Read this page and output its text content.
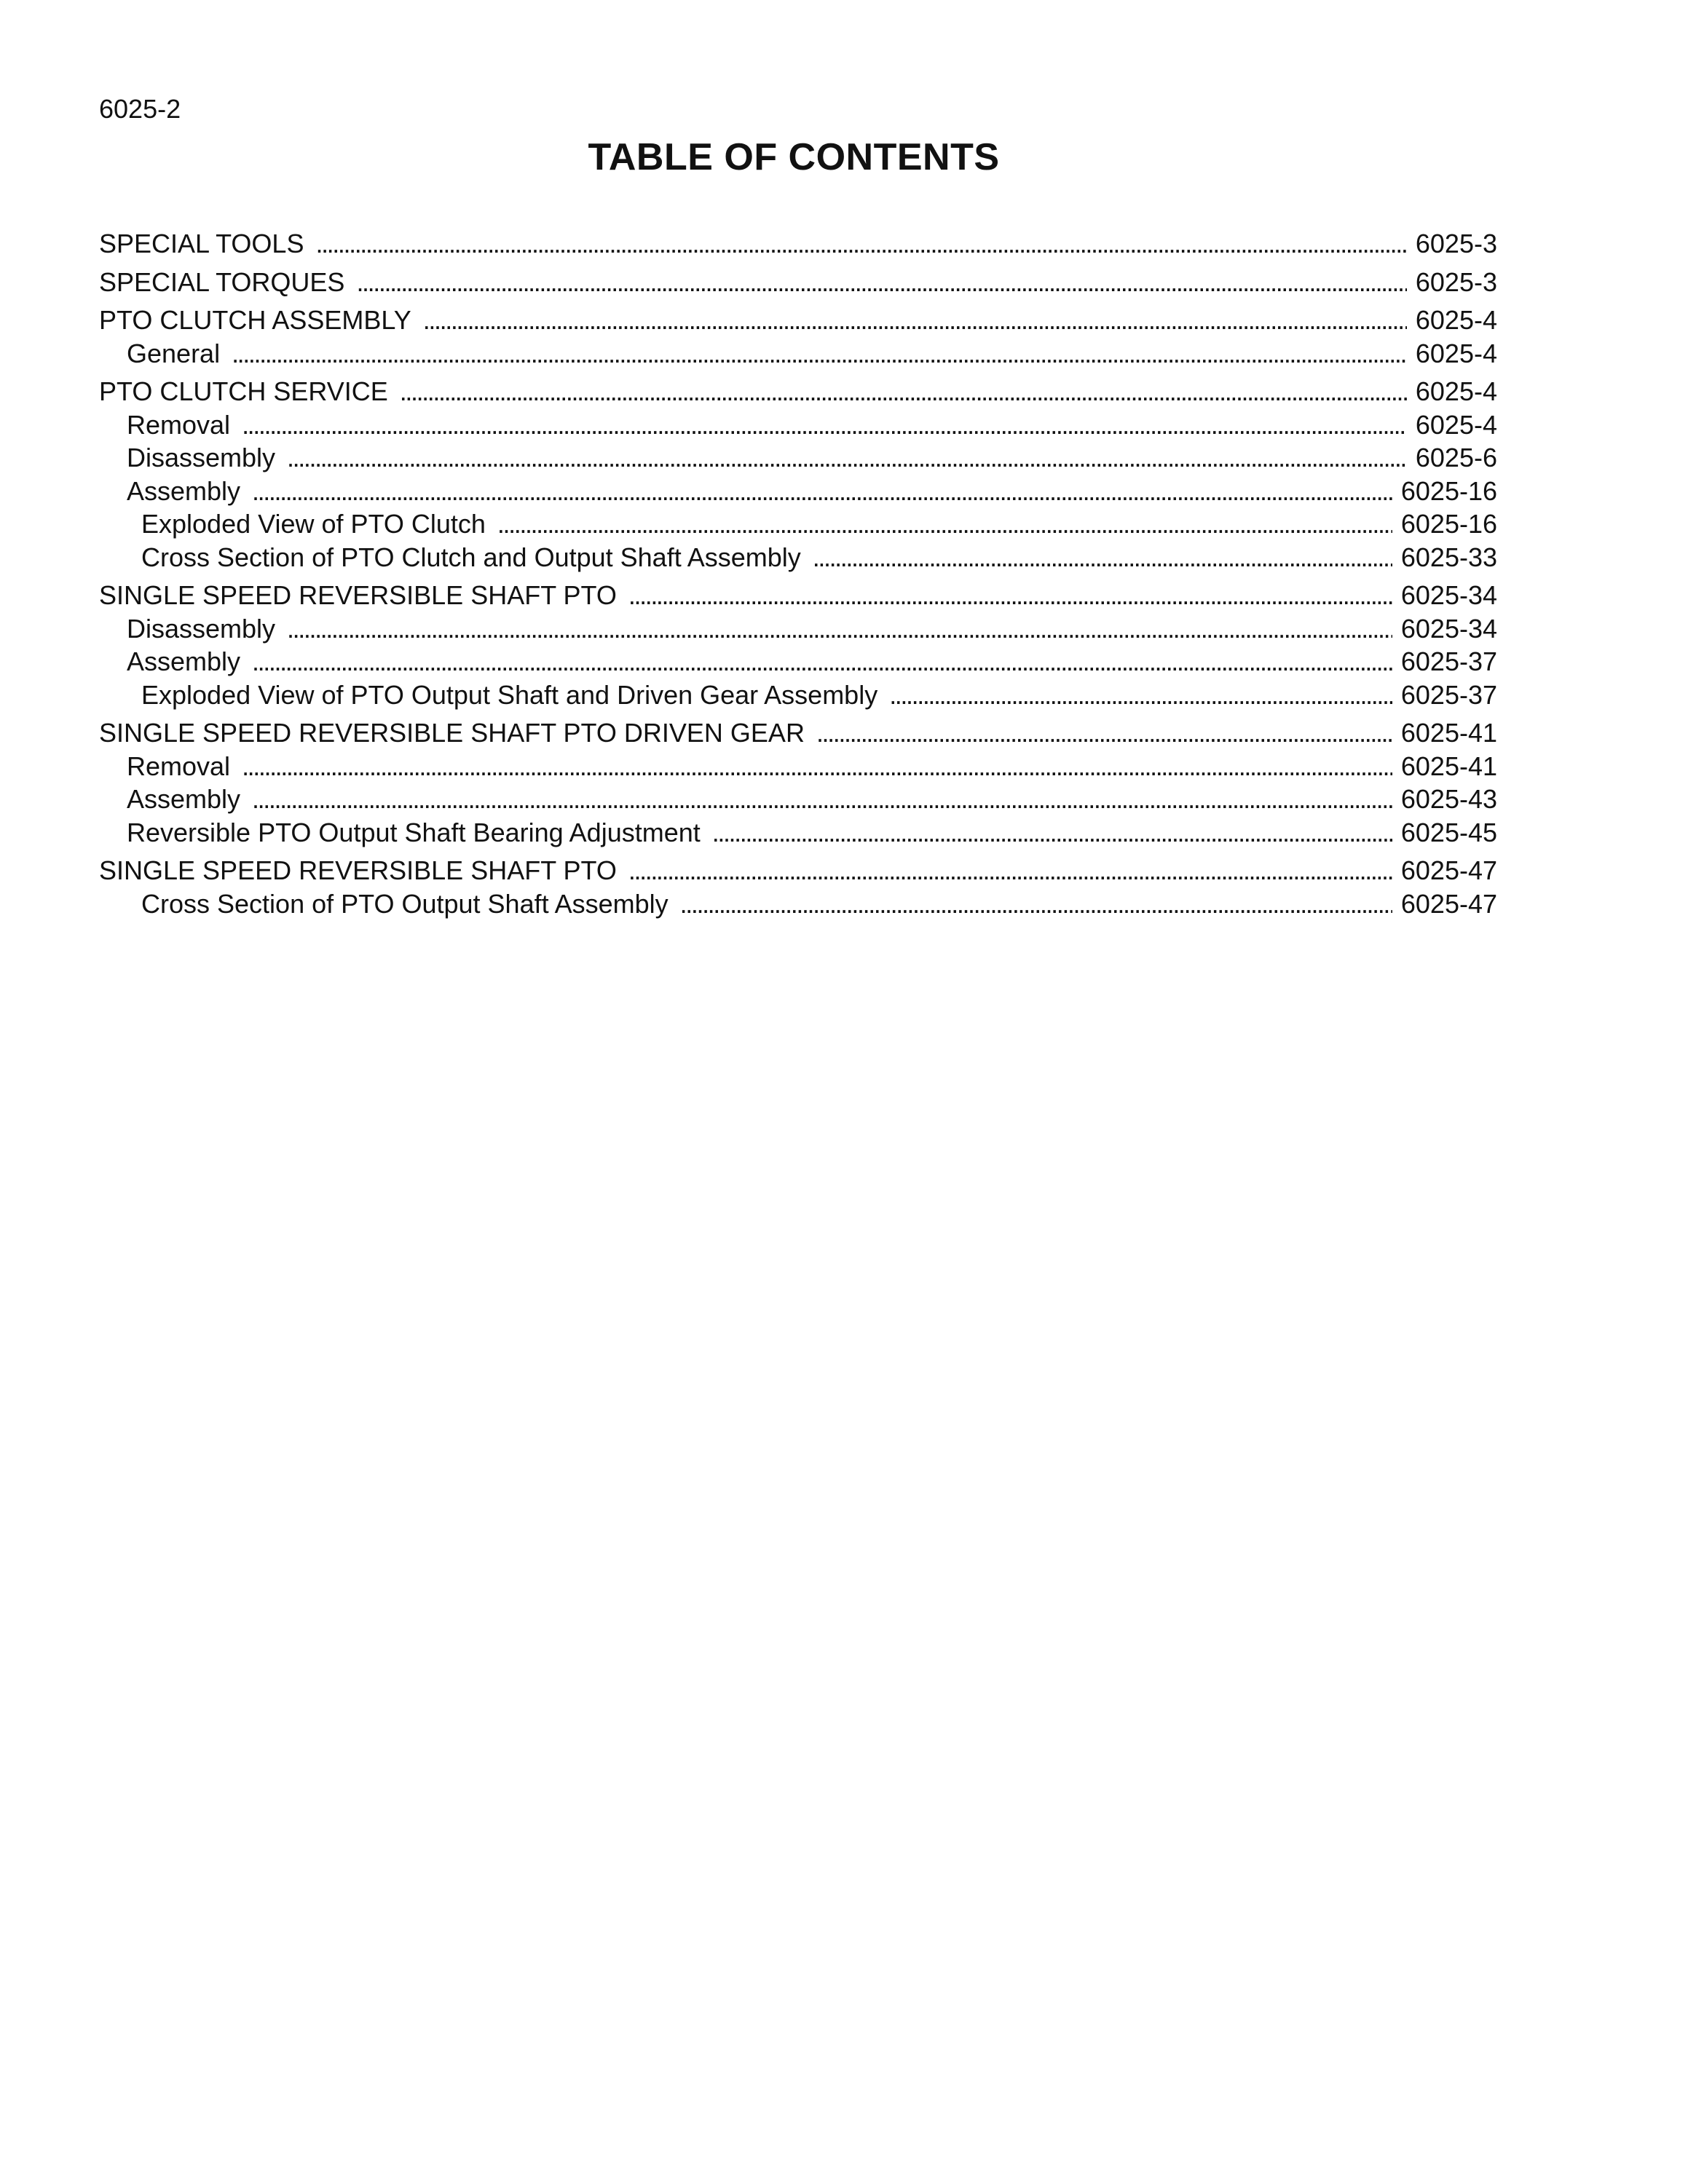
6025-2
TABLE OF CONTENTS
SPECIAL TOOLS . . .	6025-3
SPECIAL TORQUES . . .	6025-3
PTO CLUTCH ASSEMBLY . . .	6025-4
General . . .	6025-4
PTO CLUTCH SERVICE . . .	6025-4
Removal . . .	6025-4
Disassembly . . .	6025-6
Assembly . . .	6025-16
Exploded View of PTO Clutch . . .	6025-16
Cross Section of PTO Clutch and Output Shaft Assembly . . .	6025-33
SINGLE SPEED REVERSIBLE SHAFT PTO . . .	6025-34
Disassembly . . .	6025-34
Assembly . . .	6025-37
Exploded View of PTO Output Shaft and Driven Gear Assembly . . .	6025-37
SINGLE SPEED REVERSIBLE SHAFT PTO DRIVEN GEAR . . .	6025-41
Removal . . .	6025-41
Assembly . . .	6025-43
Reversible PTO Output Shaft Bearing Adjustment . . .	6025-45
SINGLE SPEED REVERSIBLE SHAFT PTO . . .	6025-47
Cross Section of PTO Output Shaft Assembly . . .	6025-47
